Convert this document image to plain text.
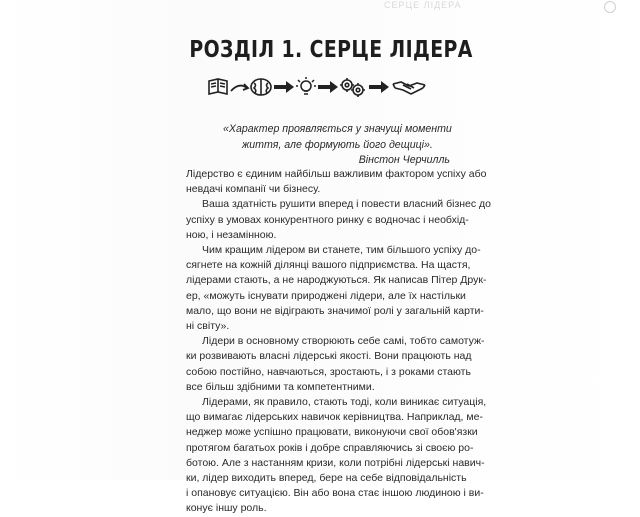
СЕРЦЕ ЛІДЕРА
РОЗДІЛ 1. СЕРЦЕ ЛІДЕРА
«Характер проявляється у значущі моменти
життя, але формують його дещиці».
Вінстон Черчилль

Лідерство є єдиним найбільш важливим фактором успіху або
невдачі компанії чи бізнесу.

Ваша здатність рушити вперед і повести власний бізнес до
успіху в умовах конкурентного ринку є водночас і необхід-
ною, і незамінною.

Чим кращим лідером ви станете, тим більшого успіху до-
сягнете на кожній ділянці вашого підприємства. На щастя,
лідерами стають, а не народжуються. Як написав Пітер Друк-
ер, «можуть існувати природжені лідери, але їх настільки
мало, що вони не відіграють значимої ролі у загальній карти-
ні світу».

Лідери в основному створюють себе самі, тобто самотуж-
ки розвивають власні лідерські якості. Вони працюють над
собою постійно, навчаються, зростають, і з роками стають
все більш здібними та компетентними.

Лідерами, як правило, стають тоді, коли виникає ситуація,
що вимагає лідерських навичок керівництва. Наприклад, ме-
неджер може успішно працювати, виконуючи свої обов'язки
протягом багатьох років і добре справляючись зі своєю ро-
ботою. Але з настанням кризи, коли потрібні лідерські навич-
ки, лідер виходить вперед, бере на себе відповідальність
і опановує ситуацією. Він або вона стає іншою людиною і ви-
конує іншу роль.
